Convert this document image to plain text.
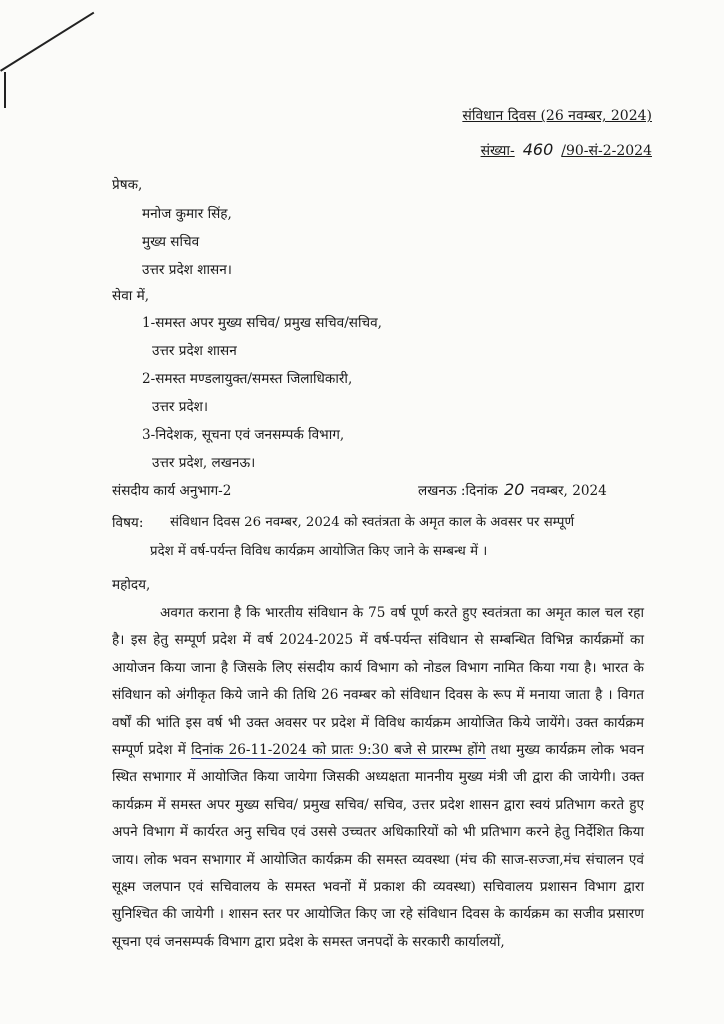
संविधान दिवस (26 नवम्बर, 2024)
संख्या- 460 /90-सं-2-2024
प्रेषक,
मनोज कुमार सिंह,
मुख्य सचिव
उत्तर प्रदेश शासन।
सेवा में,
1-समस्त अपर मुख्य सचिव/ प्रमुख सचिव/सचिव,
उत्तर प्रदेश शासन
2-समस्त मण्डलायुक्त/समस्त जिलाधिकारी,
उत्तर प्रदेश।
3-निदेशक, सूचना एवं जनसम्पर्क विभाग,
उत्तर प्रदेश, लखनऊ।
संसदीय कार्य अनुभाग-2	लखनऊ :दिनांक 20 नवम्बर, 2024
विषय: संविधान दिवस 26 नवम्बर, 2024 को स्वतंत्रता के अमृत काल के अवसर पर सम्पूर्ण
प्रदेश में वर्ष-पर्यन्त विविध कार्यक्रम आयोजित किए जाने के सम्बन्ध में ।
महोदय,
अवगत कराना है कि भारतीय संविधान के 75 वर्ष पूर्ण करते हुए स्वतंत्रता का अमृत काल चल रहा है। इस हेतु सम्पूर्ण प्रदेश में वर्ष 2024-2025 में वर्ष-पर्यन्त संविधान से सम्बन्धित विभिन्न कार्यक्रमों का आयोजन किया जाना है जिसके लिए संसदीय कार्य विभाग को नोडल विभाग नामित किया गया है। भारत के संविधान को अंगीकृत किये जाने की तिथि 26 नवम्बर को संविधान दिवस के रूप में मनाया जाता है । विगत वर्षों की भांति इस वर्ष भी उक्त अवसर पर प्रदेश में विविध कार्यक्रम आयोजित किये जायेंगे। उक्त कार्यक्रम सम्पूर्ण प्रदेश में दिनांक 26-11-2024 को प्रातः 9:30 बजे से प्रारम्भ होंगे तथा मुख्य कार्यक्रम लोक भवन स्थित सभागार में आयोजित किया जायेगा जिसकी अध्यक्षता माननीय मुख्य मंत्री जी द्वारा की जायेगी। उक्त कार्यक्रम में समस्त अपर मुख्य सचिव/ प्रमुख सचिव/ सचिव, उत्तर प्रदेश शासन द्वारा स्वयं प्रतिभाग करते हुए अपने विभाग में कार्यरत अनु सचिव एवं उससे उच्चतर अधिकारियों को भी प्रतिभाग करने हेतु निर्देशित किया जाय। लोक भवन सभागार में आयोजित कार्यक्रम की समस्त व्यवस्था (मंच की साज-सज्जा,मंच संचालन एवं सूक्ष्म जलपान एवं सचिवालय के समस्त भवनों में प्रकाश की व्यवस्था) सचिवालय प्रशासन विभाग द्वारा सुनिश्चित की जायेगी । शासन स्तर पर आयोजित किए जा रहे संविधान दिवस के कार्यक्रम का सजीव प्रसारण सूचना एवं जनसम्पर्क विभाग द्वारा प्रदेश के समस्त जनपदों के सरकारी कार्यालयों,
